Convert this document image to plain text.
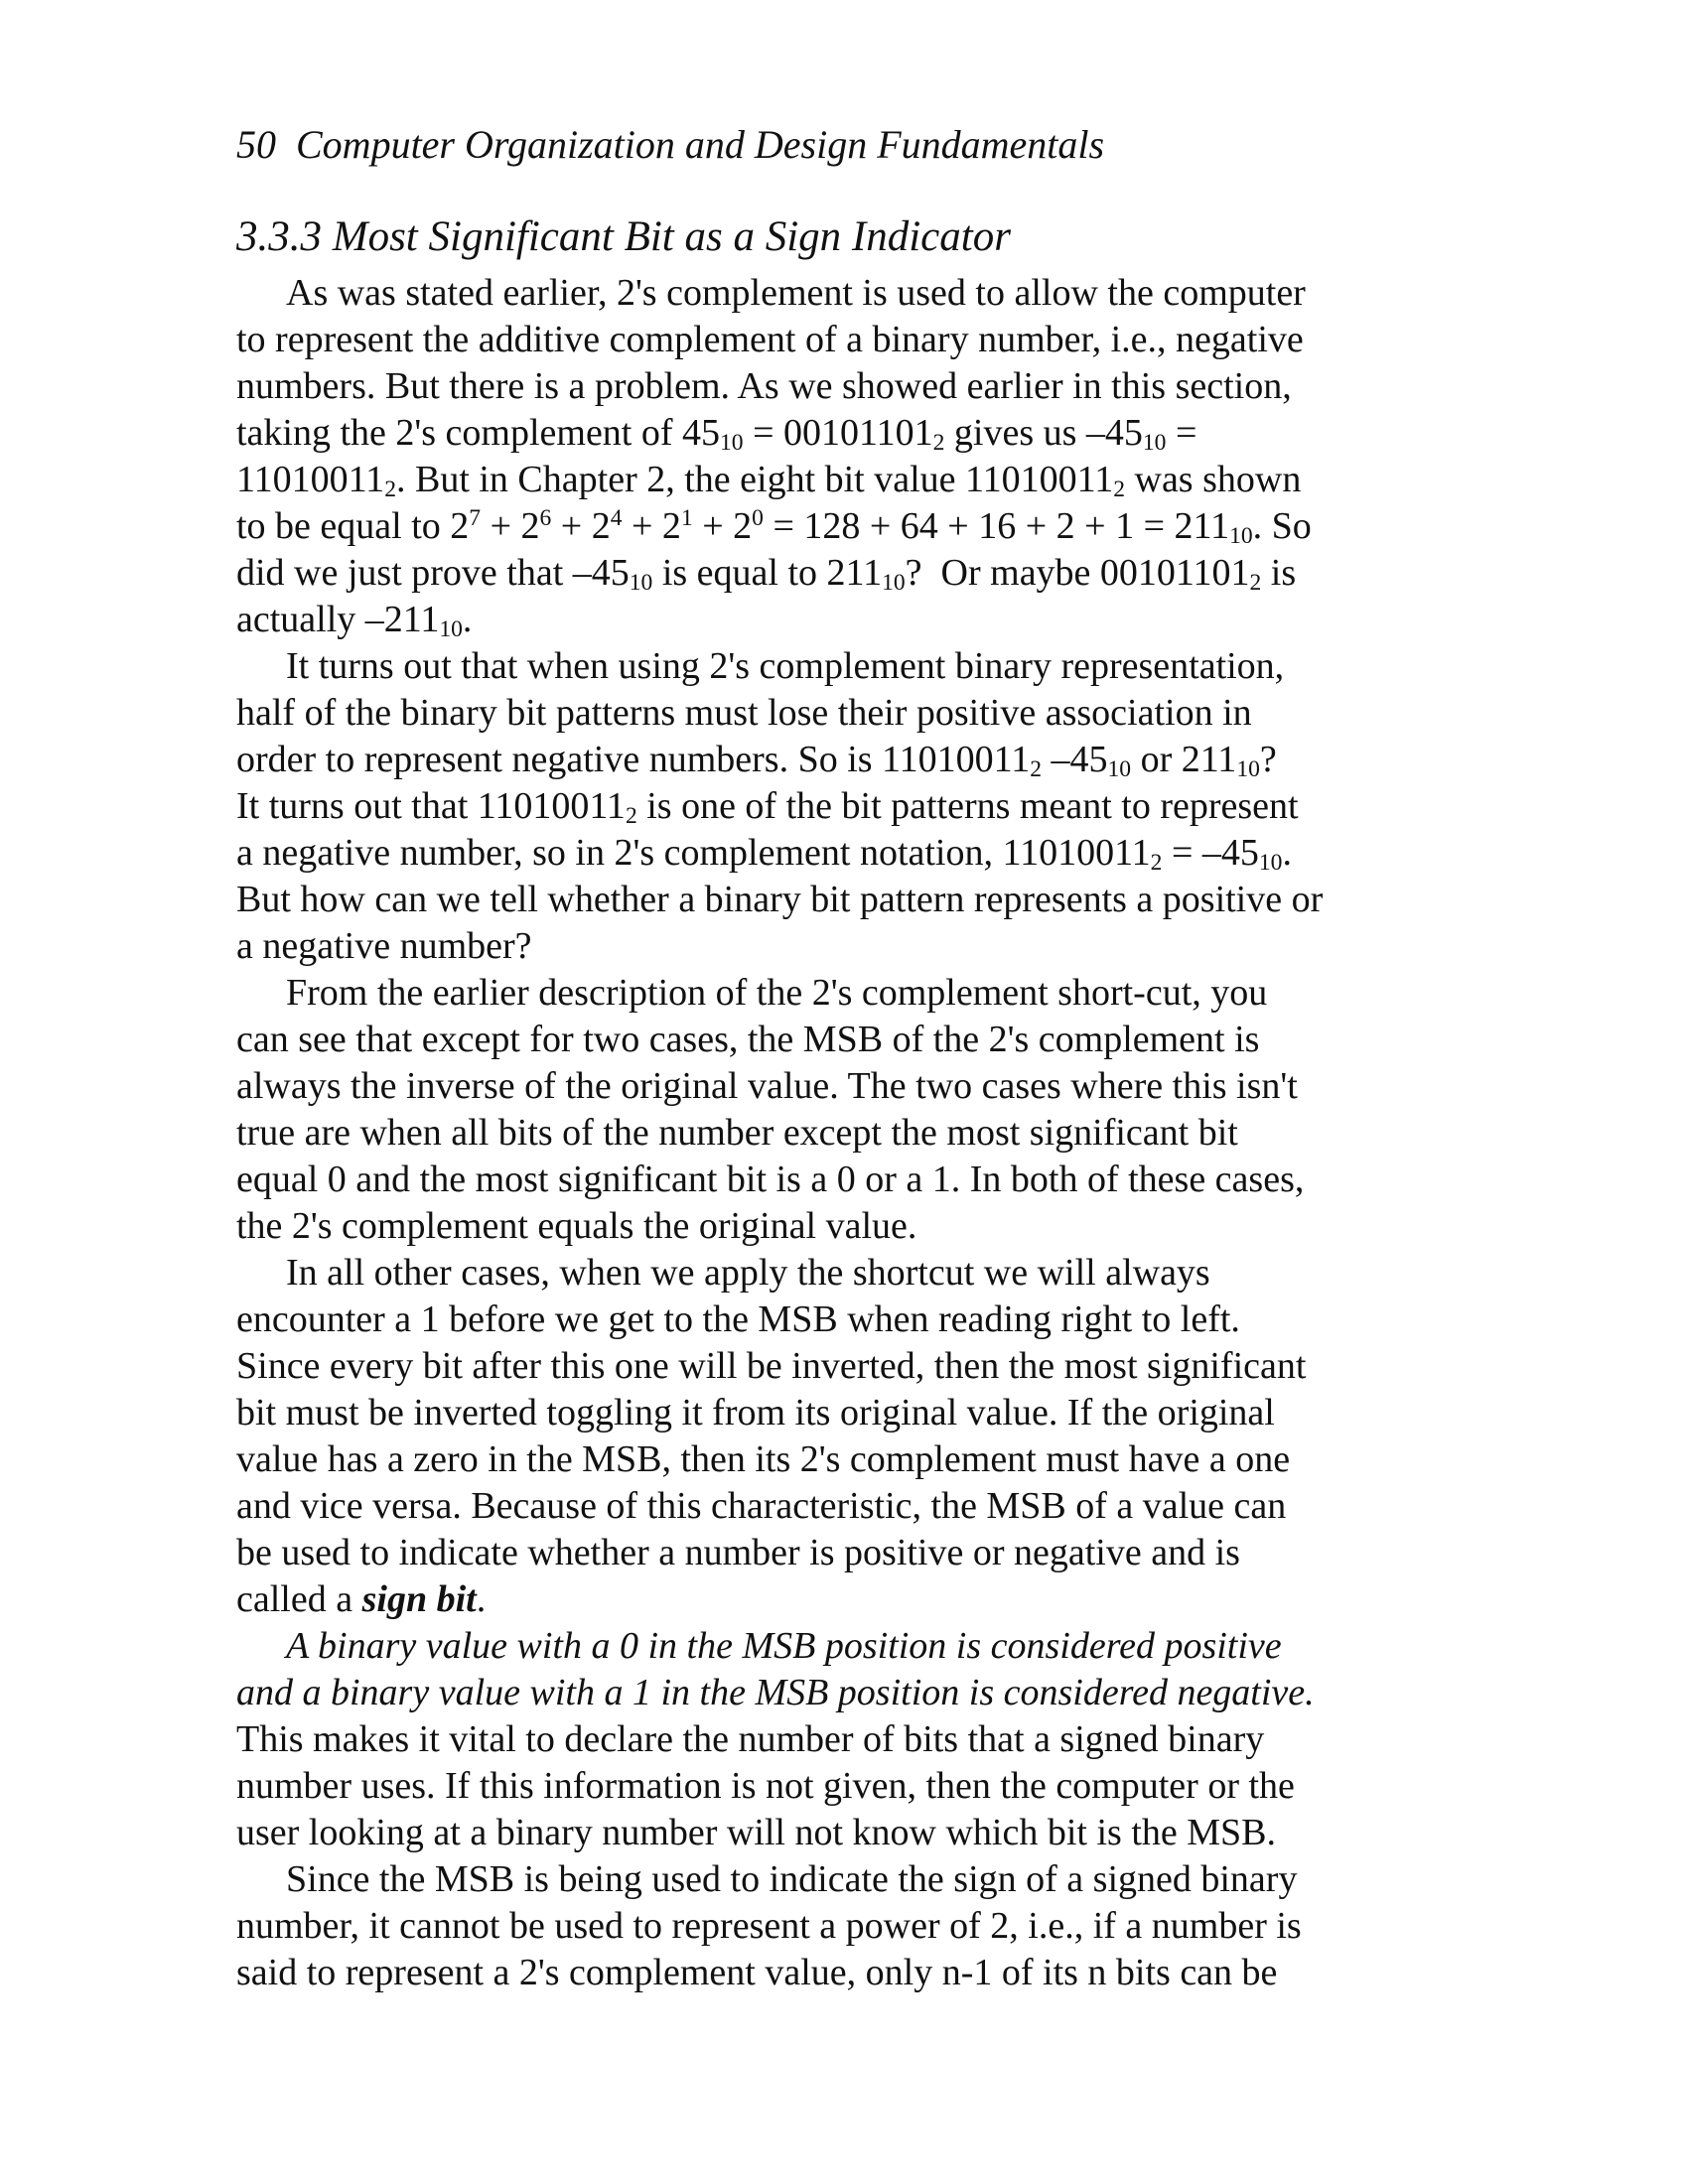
50 Computer Organization and Design Fundamentals
3.3.3 Most Significant Bit as a Sign Indicator
As was stated earlier, 2's complement is used to allow the computer
to represent the additive complement of a binary number, i.e., negative
numbers. But there is a problem. As we showed earlier in this section,
taking the 2's complement of $45_{10} = 00101101_2$ gives us $-45_{10}$ =
$11010011_2$. But in Chapter 2, the eight bit value $11010011_2$ was shown
to be equal to $2^7 + 2^6 + 2^4 + 2^1 + 2^0 = 128 + 64 + 16 + 2 + 1 = 211_{10}$. So
did we just prove that $-45_{10}$ is equal to $211_{10}$?  Or maybe $00101101_2$ is
actually $-211_{10}$.
It turns out that when using 2's complement binary representation,
half of the binary bit patterns must lose their positive association in
order to represent negative numbers. So is $11010011_2$ $-45_{10}$ or $211_{10}$?
It turns out that $11010011_2$ is one of the bit patterns meant to represent
a negative number, so in 2's complement notation, $11010011_2 = -45_{10}$.
But how can we tell whether a binary bit pattern represents a positive or
a negative number?
From the earlier description of the 2's complement short-cut, you
can see that except for two cases, the MSB of the 2's complement is
always the inverse of the original value. The two cases where this isn't
true are when all bits of the number except the most significant bit
equal 0 and the most significant bit is a 0 or a 1. In both of these cases,
the 2's complement equals the original value.
In all other cases, when we apply the shortcut we will always
encounter a 1 before we get to the MSB when reading right to left.
Since every bit after this one will be inverted, then the most significant
bit must be inverted toggling it from its original value. If the original
value has a zero in the MSB, then its 2's complement must have a one
and vice versa. Because of this characteristic, the MSB of a value can
be used to indicate whether a number is positive or negative and is
called a sign bit.
A binary value with a 0 in the MSB position is considered positive
and a binary value with a 1 in the MSB position is considered negative.
This makes it vital to declare the number of bits that a signed binary
number uses. If this information is not given, then the computer or the
user looking at a binary number will not know which bit is the MSB.
Since the MSB is being used to indicate the sign of a signed binary
number, it cannot be used to represent a power of 2, i.e., if a number is
said to represent a 2's complement value, only n-1 of its n bits can be
